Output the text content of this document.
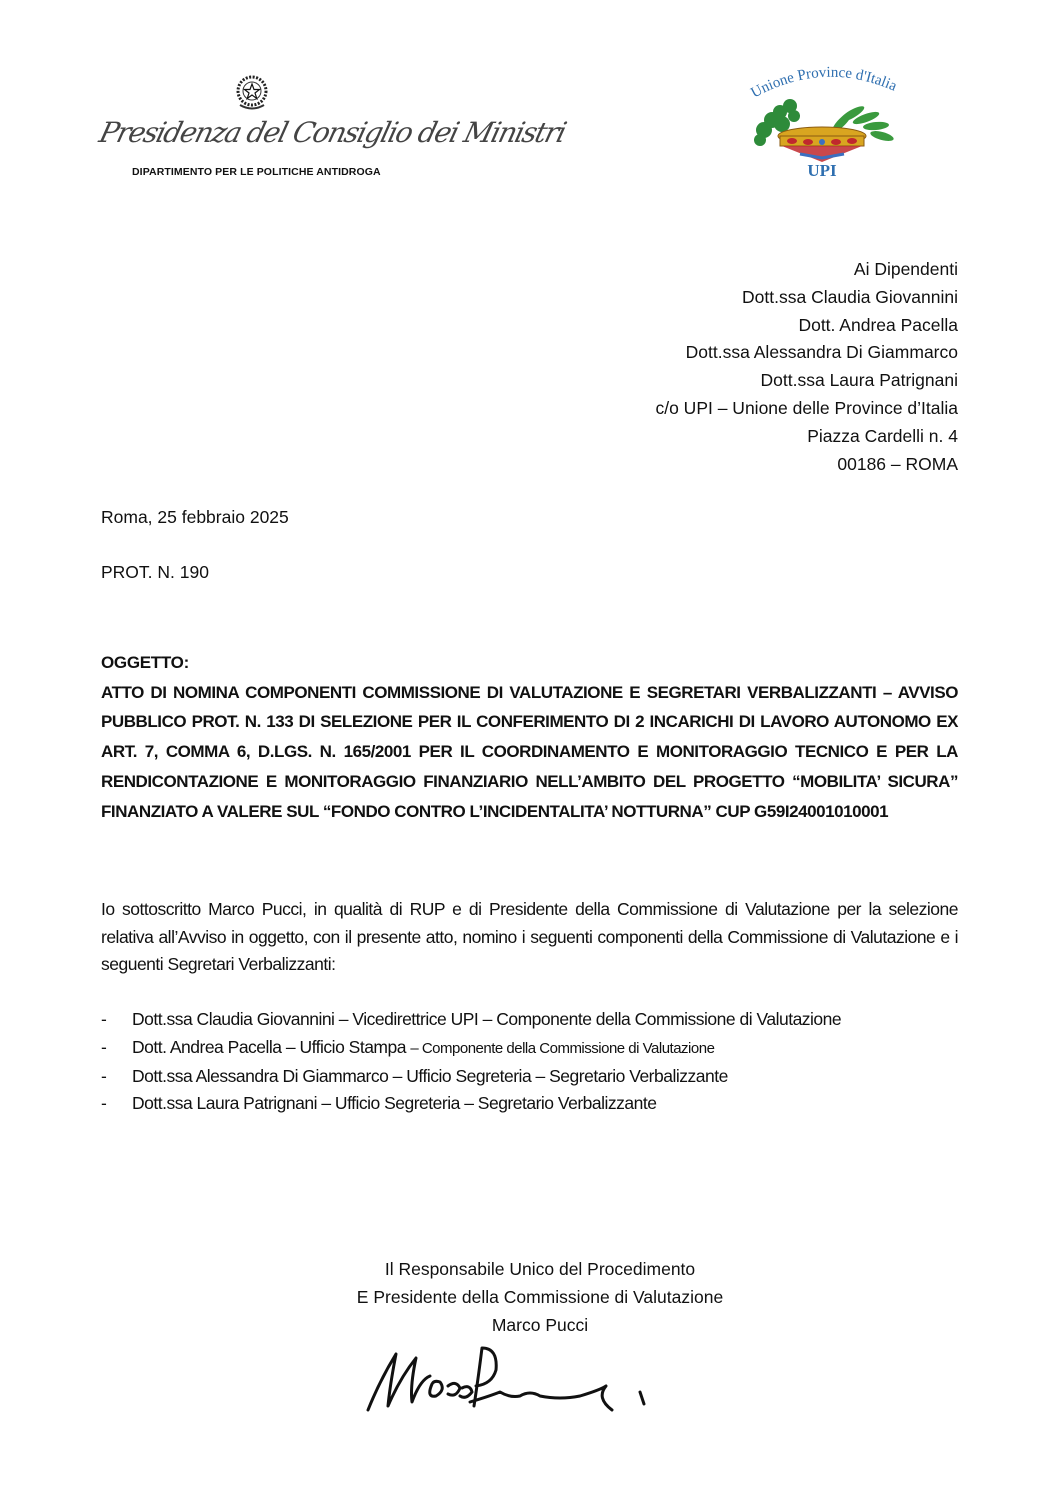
Presidenza del Consiglio dei Ministri
DIPARTIMENTO PER LE POLITICHE ANTIDROGA
Unione Province d'Italia
UPI
Ai Dipendenti
Dott.ssa Claudia Giovannini
Dott. Andrea Pacella
Dott.ssa Alessandra Di Giammarco
Dott.ssa Laura Patrignani
c/o UPI – Unione delle Province d’Italia
Piazza Cardelli n. 4
00186 – ROMA
Roma, 25 febbraio 2025
PROT. N. 190
OGGETTO:
ATTO DI NOMINA COMPONENTI COMMISSIONE DI VALUTAZIONE E SEGRETARI VERBALIZZANTI – AVVISO PUBBLICO PROT. N. 133 DI SELEZIONE PER IL CONFERIMENTO DI 2 INCARICHI DI LAVORO AUTONOMO EX ART. 7, COMMA 6, D.LGS. N. 165/2001 PER IL COORDINAMENTO E MONITORAGGIO TECNICO E PER LA RENDICONTAZIONE E MONITORAGGIO FINANZIARIO NELL’AMBITO DEL PROGETTO “MOBILITA’ SICURA” FINANZIATO A VALERE SUL “FONDO CONTRO L’INCIDENTALITA’ NOTTURNA” CUP G59I24001010001
Io sottoscritto Marco Pucci, in qualità di RUP e di Presidente della Commissione di Valutazione per la selezione relativa all’Avviso in oggetto, con il presente atto, nomino i seguenti componenti della Commissione di Valutazione e i seguenti Segretari Verbalizzanti:
- Dott.ssa Claudia Giovannini – Vicedirettrice UPI – Componente della Commissione di Valutazione
- Dott. Andrea Pacella – Ufficio Stampa – Componente della Commissione di Valutazione
- Dott.ssa Alessandra Di Giammarco – Ufficio Segreteria – Segretario Verbalizzante
- Dott.ssa Laura Patrignani – Ufficio Segreteria – Segretario Verbalizzante
Il Responsabile Unico del Procedimento
E Presidente della Commissione di Valutazione
Marco Pucci
